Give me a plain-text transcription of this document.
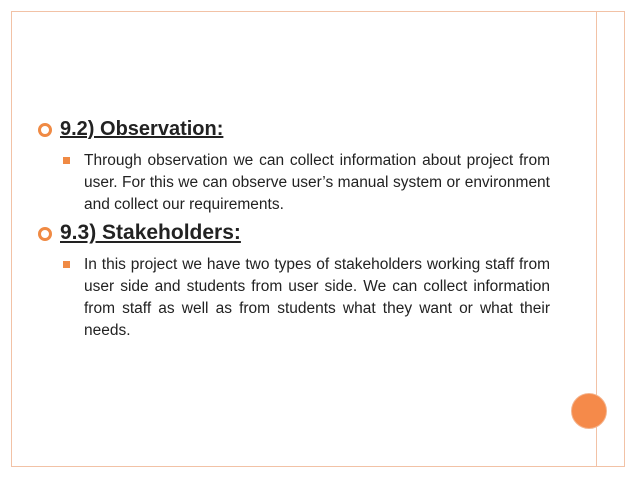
9.2) Observation:
Through observation we can collect information about project from user. For this we can observe user’s manual system or environment and collect our requirements.
9.3) Stakeholders:
In this project we have two types of stakeholders working staff from user side and students from user side. We can collect information from staff as well as from students what they want or what their needs.
